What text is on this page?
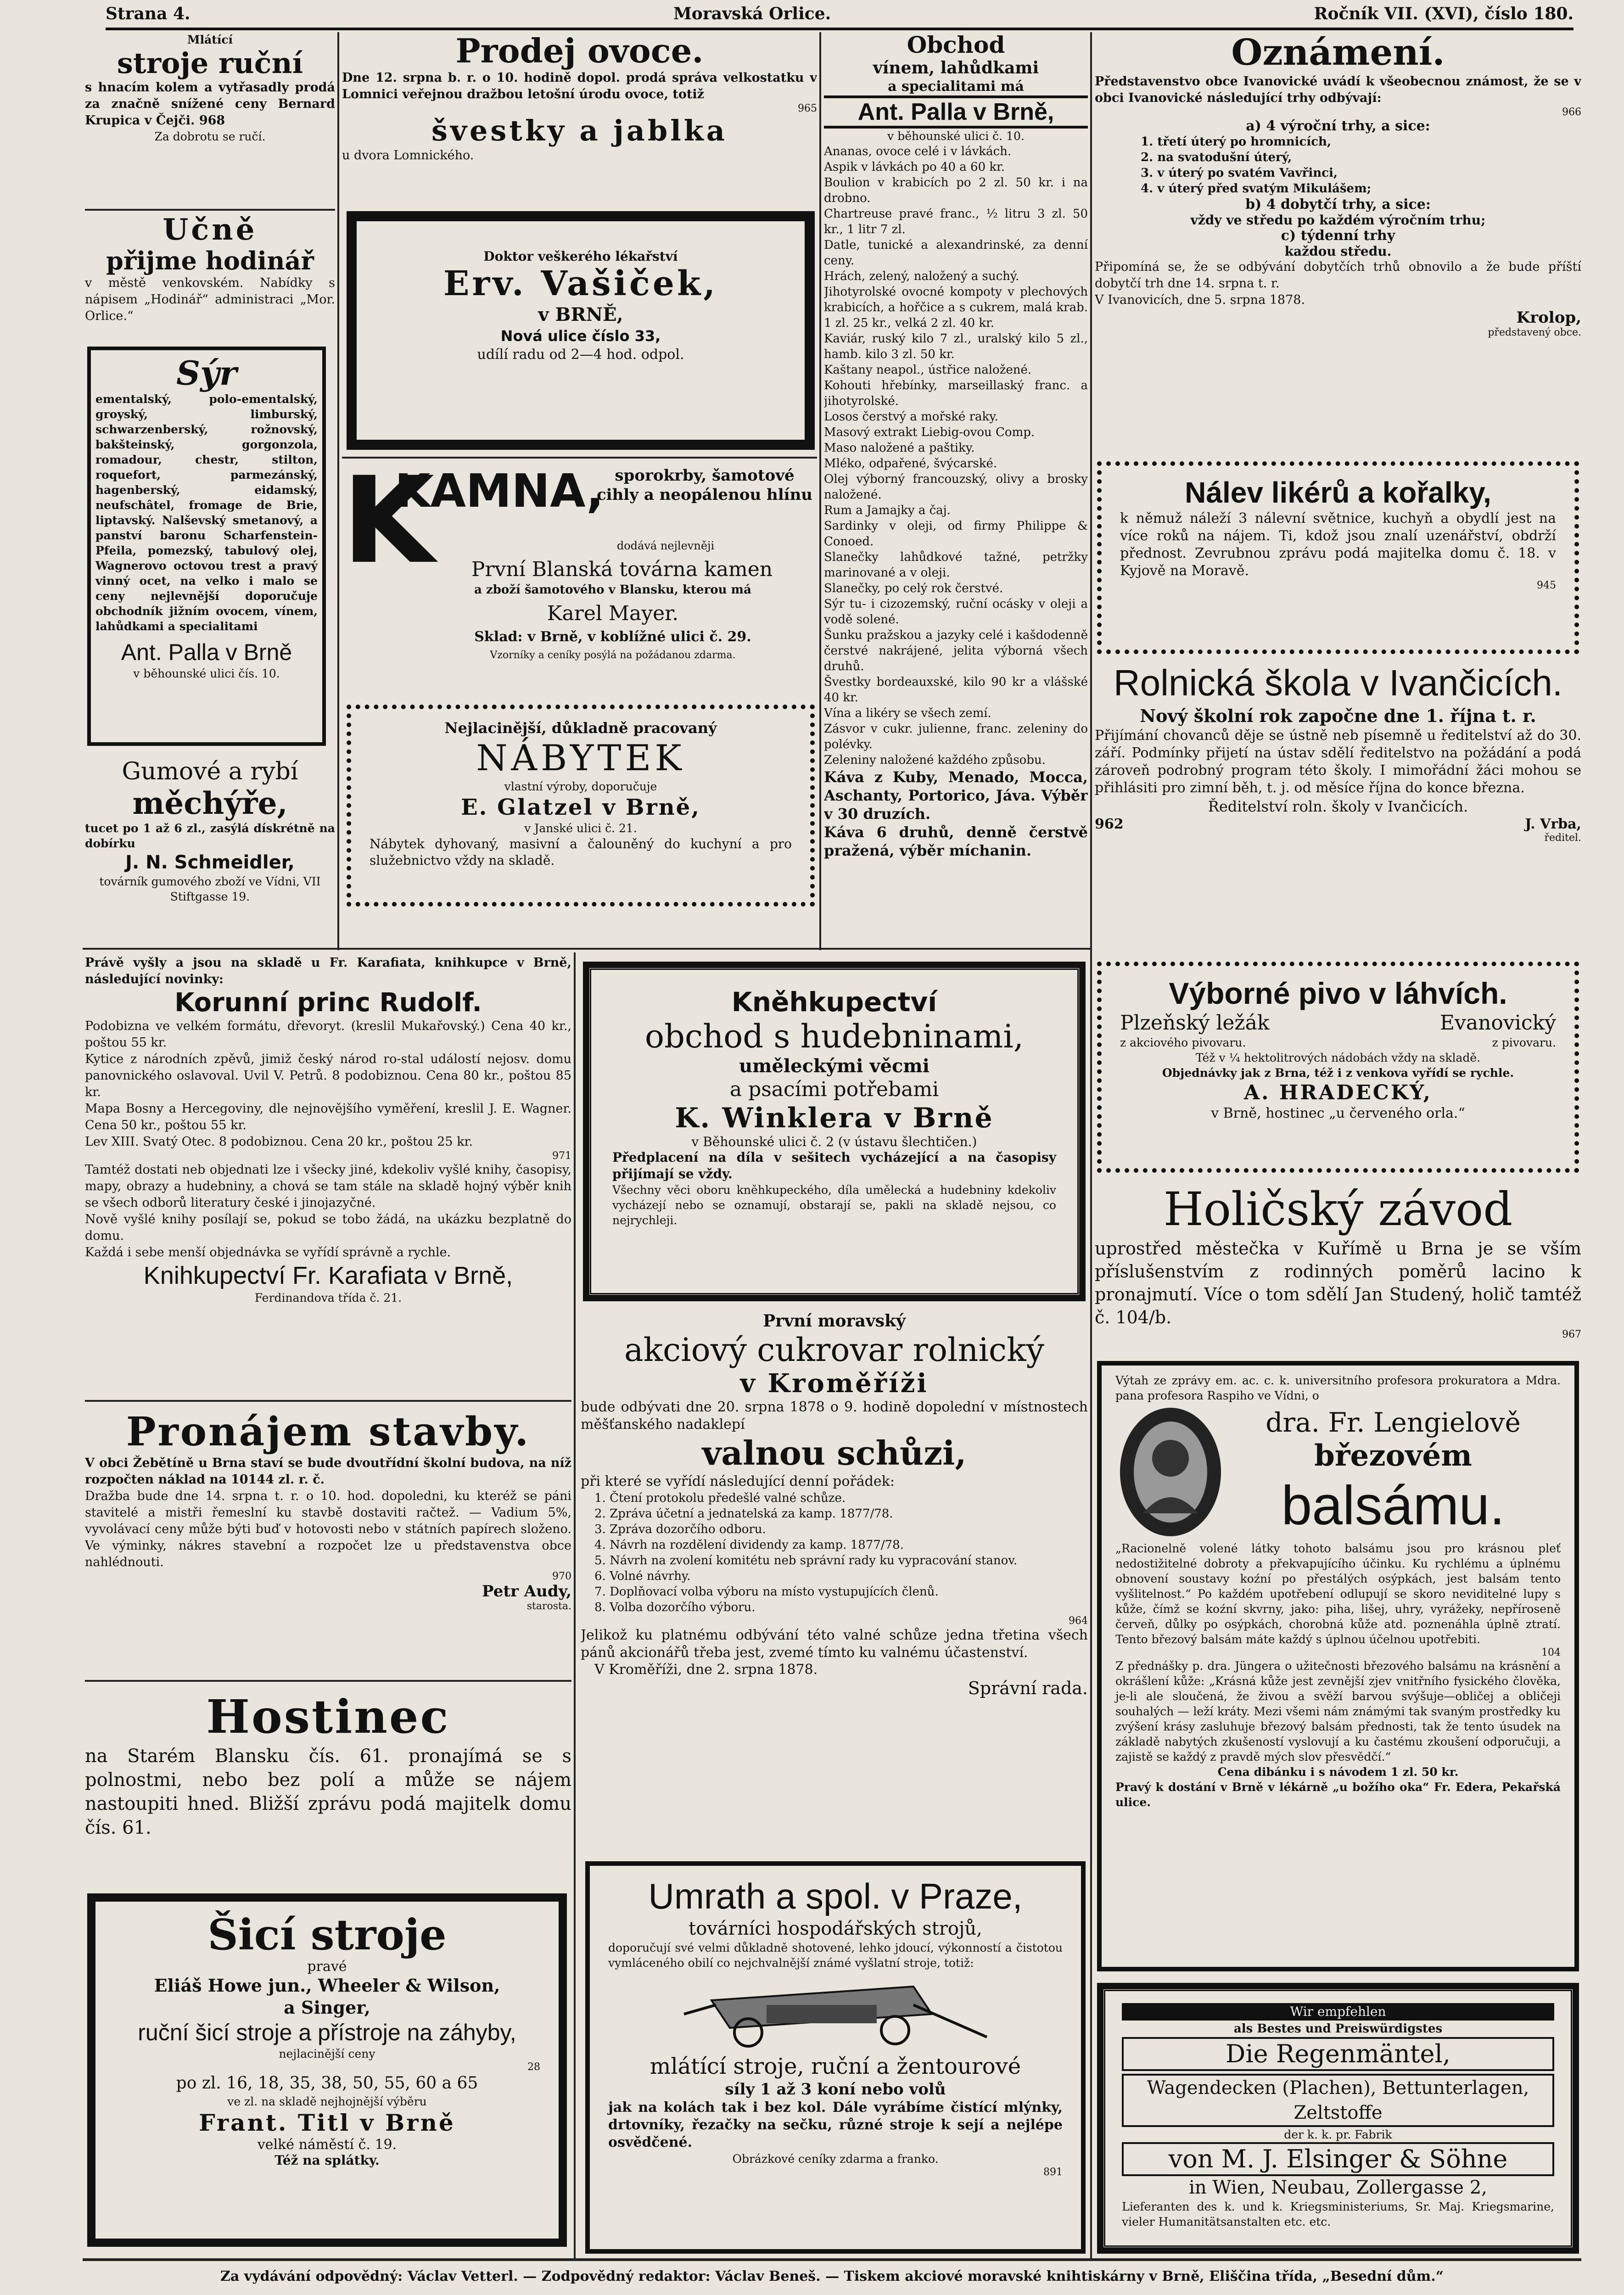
Strana 4.	Moravská Orlice.	Ročník VII. (XVI), číslo 180.
Mlátící
stroje ruční

s hnacím kolem a vytřasadly prodá za značně snížené ceny Bernard Krupica v Čejči. 968

Za dobrotu se ručí.
Učně
přijme hodinář

v městě venkovském. Nabídky s nápisem „Hodinář“ administraci „Mor. Orlice.“

Sýr

ementalský, polo-ementalský, groyský, limburský, schwarzenberský, rožnovský, bakšteinský, gorgonzola, romadour, chestr, stilton, roquefort, parmezánský, hagenberský, eidamský, neufschâtel, fromage de Brie, liptavský. Nalševský smetanový, a panství baronu Scharfenstein-Pfeila, pomezský, tabulový olej, Wagnerovo octovou trest a pravý vinný ocet, na velko i malo se ceny nejlevnější doporučuje obchodník jižním ovocem, vínem, lahůdkami a specialitami

Ant. Palla v Brně
v běhounské ulici čís. 10.
Gumové a rybí
měchýře,

tucet po 1 až 6 zl., zasýlá dískrétně na dobírku

J. N. Schmeidler,
továrník gumového zboží ve Vídni, VII Stiftgasse 19.
Prodej ovoce.

Dne 12. srpna b. r. o 10. hodině dopol. prodá správa velkostatku v Lomnici veřejnou dražbou letošní úrodu ovoce, totiž

965
švestky a jablka
u dvora Lomnického.
Doktor veškerého lékařství
Erv. Vašiček,
v BRNĚ,
Nová ulice číslo 33,
udílí radu od 2—4 hod. odpol.
K
KAMNA, sporokrby, šamotové cihly a neopálenou hlínu
dodává nejlevněji
První Blanská továrna kamen
a zboží šamotového v Blansku, kterou má
Karel Mayer.
Sklad: v Brně, v koblížné ulici č. 29.
Vzorníky a ceníky posýlá na požádanou zdarma.
Nejlacinější, důkladně pracovaný
NÁBYTEK
vlastní výroby, doporučuje
E. Glatzel v Brně,
v Janské ulici č. 21.

Nábytek dyhovaný, masivní a čalouněný do kuchyní a pro služebnictvo vždy na skladě.

Obchod
vínem, lahůdkami
a specialitami má
Ant. Palla v Brně,
v běhounské ulici č. 10.
Ananas, ovoce celé i v lávkách.
Aspik v lávkách po 40 a 60 kr.
Boulion v krabicích po 2 zl. 50 kr. i na drobno.
Chartreuse pravé franc., ½ litru 3 zl. 50 kr., 1 litr 7 zl.
Datle, tunické a alexandrinské, za denní ceny.
Hrách, zelený, naložený a suchý.
Jihotyrolské ovocné kompoty v plechových krabicích, a hořčice a s cukrem, malá krab. 1 zl. 25 kr., velká 2 zl. 40 kr.
Kaviár, ruský kilo 7 zl., uralský kilo 5 zl., hamb. kilo 3 zl. 50 kr.
Kaštany neapol., ústřice naložené.
Kohouti hřebínky, marseillaský franc. a jihotyrolské.
Losos čerstvý a mořské raky.
Masový extrakt Liebig-ovou Comp.
Maso naložené a paštiky.
Mléko, odpařené, švýcarské.
Olej výborný francouzský, olivy a brosky naložené.
Rum a Jamajky a čaj.
Sardinky v oleji, od firmy Philippe & Conoed.
Slanečky lahůdkové tažné, petržky marinované a v oleji.
Slanečky, po celý rok čerstvé.
Sýr tu- i cizozemský, ruční ocásky v oleji a vodě solené.
Šunku pražskou a jazyky celé i kašdodenně čerstvé nakrájené, jelita výborná všech druhů.
Švestky bordeauxské, kilo 90 kr a vlášské 40 kr.
Vína a likéry se všech zemí.
Zásvor v cukr. julienne, franc. zeleniny do polévky.
Zeleniny naložené každého způsobu.

Káva z Kuby, Menado, Mocca, Aschanty, Portorico, Jáva. Výběr v 30 druzích.

Káva 6 druhů, denně čerstvě pražená, výběr míchanin.

Oznámení.

Představenstvo obce Ivanovické uvádí k všeobecnou známost, že se v obci Ivanovické následující trhy odbývají:

966
a) 4 výroční trhy, a sice:
1. třetí úterý po hromnicích,
2. na svatodušní úterý,
3. v úterý po svatém Vavřinci,
4. v úterý před svatým Mikulášem;
b) 4 dobytčí trhy, a sice:
vždy ve středu po každém výročním trhu;
c) týdenní trhy
každou středu.

Připomíná se, že se odbývání dobytčích trhů obnovilo a že bude příští dobytčí trh dne 14. srpna t. r.

V Ivanovicích, dne 5. srpna 1878.
Krolop,
představený obce.
Nálev likérů a kořalky,

k němuž náleží 3 nálevní světnice, kuchyň a obydlí jest na více roků na nájem. Ti, kdož jsou znalí uzenářství, obdrží přednost. Zevrubnou zprávu podá majitelka domu č. 18. v Kyjově na Moravě.

945
Rolnická škola v Ivančicích.
Nový školní rok započne dne 1. října t. r.

Přijímání chovanců děje se ústně neb písemně u ředitelství až do 30. září. Podmínky přijetí na ústav sdělí ředitelstvo na požádání a podá zároveň podrobný program této školy. I mimořádní žáci mohou se přihlásiti pro zimní běh, t. j. od měsíce října do konce března.

Ředitelství roln. školy v Ivančicích.
962	J. Vrba,
ředitel.

Právě vyšly a jsou na skladě u Fr. Karafiata, knihkupce v Brně, následující novinky:

Korunní princ Rudolf.

Podobizna ve velkém formátu, dřevoryt. (kreslil Mukařovský.) Cena 40 kr., poštou 55 kr.

Kytice z národních zpěvů, jimiž český národ ro-stal událostí nejosv. domu panovnického oslavoval. Uvil V. Petrů. 8 podobiznou. Cena 80 kr., poštou 85 kr.

Mapa Bosny a Hercegoviny, dle nejnovějšího vyměření, kreslil J. E. Wagner. Cena 50 kr., poštou 55 kr.

Lev XIII. Svatý Otec. 8 podobiznou. Cena 20 kr., poštou 25 kr.

971

Tamtéž dostati neb objednati lze i všecky jiné, kdekoliv vyšlé knihy, časopisy, mapy, obrazy a hudebniny, a chová se tam stále na skladě hojný výběr knih se všech odborů literatury české i jinojazyčné.

Nově vyšlé knihy posílají se, pokud se tobo žádá, na ukázku bezplatně do domu.

Každá i sebe menší objednávka se vyřídí správně a rychle.

Knihkupectví Fr. Karafiata v Brně,
Ferdinandova třída č. 21.
Pronájem stavby.

V obci Žebětíně u Brna staví se bude dvoutřídní školní budova, na níž rozpočten náklad na 10144 zl. r. č.

Dražba bude dne 14. srpna t. r. o 10. hod. dopoledni, ku kteréž se páni stavitelé a mistři řemeslní ku stavbě dostaviti račtež. — Vadium 5%, vyvolávací ceny může býti buď v hotovosti nebo v státních papírech složeno. Ve výminky, nákres stavební a rozpočet lze u představenstva obce nahlédnouti.

970
Petr Audy,
starosta.
Hostinec

na Starém Blansku čís. 61. pronajímá se s polnostmi, nebo bez polí a může se nájem nastoupiti hned. Bližší zprávu podá majitelk domu čís. 61.

Šicí stroje
pravé
Eliáš Howe jun., Wheeler & Wilson,
a Singer,
ruční šicí stroje a přístroje na záhyby,
nejlacinější ceny
28
po zl. 16, 18, 35, 38, 50, 55, 60 a 65
ve zl. na skladě nejhojnější výběru
Frant. Titl v Brně
velké náměstí č. 19.
Též na splátky.
Kněhkupectví
obchod s hudebninami,
uměleckými věcmi
a psacími potřebami
K. Winklera v Brně
v Běhounské ulici č. 2 (v ústavu šlechtičen.)

Předplacení na díla v sešitech vycházející a na časopisy přijímají se vždy.

Všechny věci oboru kněhkupeckého, díla umělecká a hudebniny kdekoliv vycházejí nebo se oznamují, obstarají se, pakli na skladě nejsou, co nejrychleji.

První moravský
akciový cukrovar rolnický
v Kroměříži

bude odbývati dne 20. srpna 1878 o 9. hodině dopolední v místnostech měšťanského nadaklepí

valnou schůzi,

při které se vyřídí následující denní pořádek:

1. Čtení protokolu předešlé valné schůze.
2. Zpráva účetní a jednatelská za kamp. 1877/78.
3. Zpráva dozorčího odboru.
4. Návrh na rozdělení dividendy za kamp. 1877/78.
5. Návrh na zvolení komitétu neb správní rady ku vypracování stanov.
6. Volné návrhy.
7. Doplňovací volba výboru na místo vystupujících členů.
8. Volba dozorčího výboru.
964

Jelikož ku platnému odbývání této valné schůze jedna třetina všech pánů akcionářů třeba jest, zvemé tímto ku valnému účastenství.

V Kroměříži, dne 2. srpna 1878.
Správní rada.
Umrath a spol. v Praze,
továrníci hospodářských strojů,

doporučují své velmi důkladně shotovené, lehko jdoucí, výkonností a čistotou vymláceného obilí co nejchvalnější známé vyšlatní stroje, totiž:

mlátící stroje, ruční a žentourové
síly 1 až 3 koní nebo volů

jak na kolách tak i bez kol. Dále vyrábíme čistící mlýnky, drtovníky, řezačky na sečku, různé stroje k sejí a nejlépe osvědčené.

Obrázkové ceníky zdarma a franko.
891
Výborné pivo v láhvích.
Plzeňský ležák	Evanovický
z akciového pivovaru.	z pivovaru.
Též v ¼ hektolitrových nádobách vždy na skladě.
Objednávky jak z Brna, též i z venkova vyřídí se rychle.
A. HRADECKÝ,
v Brně, hostinec „u červeného orla.“
Holičský závod

uprostřed městečka v Kuřímě u Brna je se vším příslušenstvím z rodinných poměrů lacino k pronajmutí. Více o tom sdělí Jan Studený, holič tamtéž č. 104/b.

967

Výtah ze zprávy em. ac. c. k. universitního profesora prokuratora a Mdra. pana profesora Raspiho ve Vídni, o

dra. Fr. Lengielově
březovém
balsámu.

„Racionelně volené látky tohoto balsámu jsou pro krásnou pleť nedostižitelné dobroty a překvapujícího účinku. Ku rychlému a úplnému obnovení soustavy koźní po přestálých osýpkách, jest balsám tento vyšlitelnost.“ Po každém upotřebení odlupují se skoro neviditelné lupy s kůže, čímž se koźní skvrny, jako: piha, lišej, uhry, vyrážeky, nepříroseně červeň, důlky po osýpkách, chorobná kůže atd. poznenáhla úplně ztratí. Tento březový balsám máte každý s úplnou účelnou upotřebiti.

104

Z přednášky p. dra. Jüngera o užitečnosti březového balsámu na krásnění a okrášlení kůže: „Krásná kůže jest zevnější zjev vnitřního fysického člověka, je-li ale sloučená, že živou a svěží barvou svýšuje—obličej a obličeji souhalých — leží kráty. Mezi všemi nám známými tak svaným prostředky ku zvýšení krásy zasluhuje březový balsám přednosti, tak že tento úsudek na základě nabytých zkušeností vyslovují a ku častému zkoušení odporučuji, a zajistě se každý z pravdě mých slov přesvědčí.“

Cena dibánku i s návodem 1 zl. 50 kr.

Pravý k dostání v Brně v lékárně „u božího oka“ Fr. Edera, Pekařská ulice.

Wir empfehlen
als Bestes und Preiswürdigstes
Die Regenmäntel,
Wagendecken (Plachen), Bettunterlagen, Zeltstoffe
der k. k. pr. Fabrik
von M. J. Elsinger & Söhne
in Wien, Neubau, Zollergasse 2,

Lieferanten des k. und k. Kriegsministeriums, Sr. Maj. Kriegsmarine, vieler Humanitätsanstalten etc. etc.

Za vydávání odpovědný: Václav Vetterl. — Zodpovědný redaktor: Václav Beneš. — Tiskem akciové moravské knihtiskárny v Brně, Eliščina třída, „Besední dům.“
